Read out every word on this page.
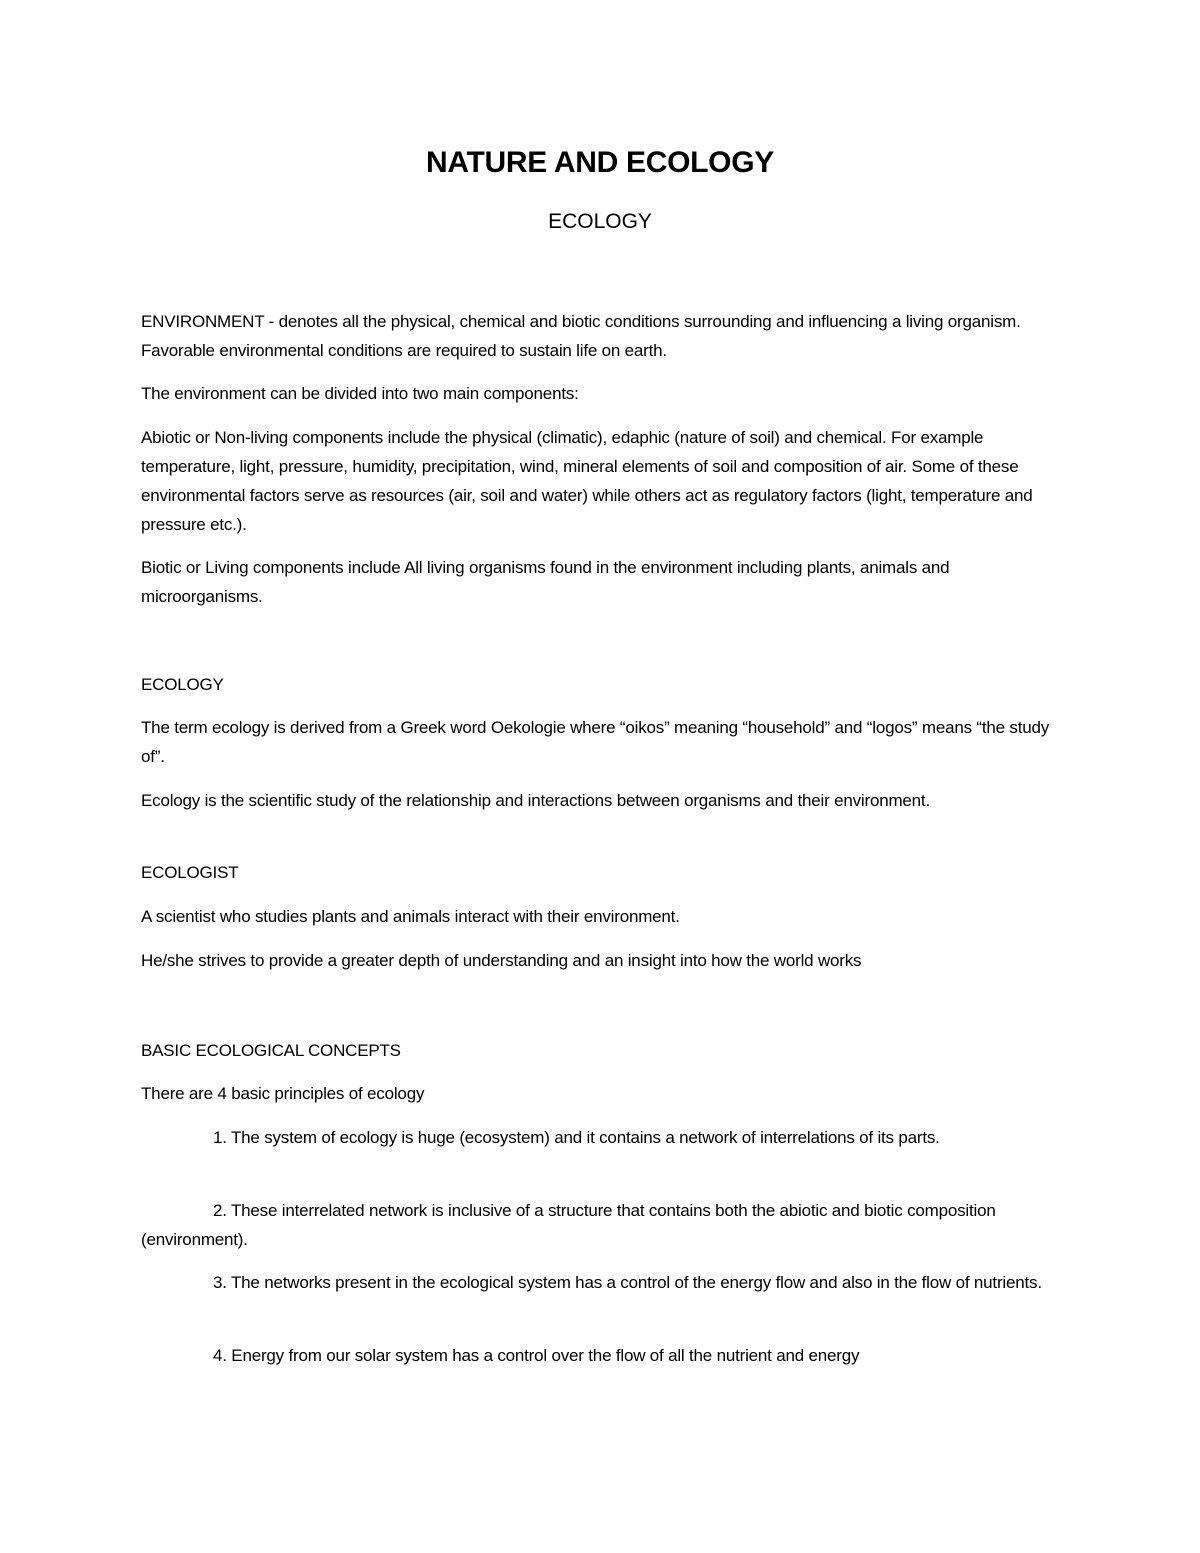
NATURE AND ECOLOGY
ECOLOGY

ENVIRONMENT - denotes all the physical, chemical and biotic conditions surrounding and influencing a living organism. Favorable environmental conditions are required to sustain life on earth.

The environment can be divided into two main components:

Abiotic or Non-living components include the physical (climatic), edaphic (nature of soil) and chemical. For example temperature, light, pressure, humidity, precipitation, wind, mineral elements of soil and composition of air. Some of these environmental factors serve as resources (air, soil and water) while others act as regulatory factors (light, temperature and pressure etc.).

Biotic or Living components include All living organisms found in the environment including plants, animals and microorganisms.

ECOLOGY

The term ecology is derived from a Greek word Oekologie where “oikos” meaning “household” and “logos” means “the study of”.

Ecology is the scientific study of the relationship and interactions between organisms and their environment.

ECOLOGIST

A scientist who studies plants and animals interact with their environment.

He/she strives to provide a greater depth of understanding and an insight into how the world works

BASIC ECOLOGICAL CONCEPTS

There are 4 basic principles of ecology

1. The system of ecology is huge (ecosystem) and it contains a network of interrelations of its parts.

2. These interrelated network is inclusive of a structure that contains both the abiotic and biotic composition (environment).

3. The networks present in the ecological system has a control of the energy flow and also in the flow of nutrients.

4. Energy from our solar system has a control over the flow of all the nutrient and energy
